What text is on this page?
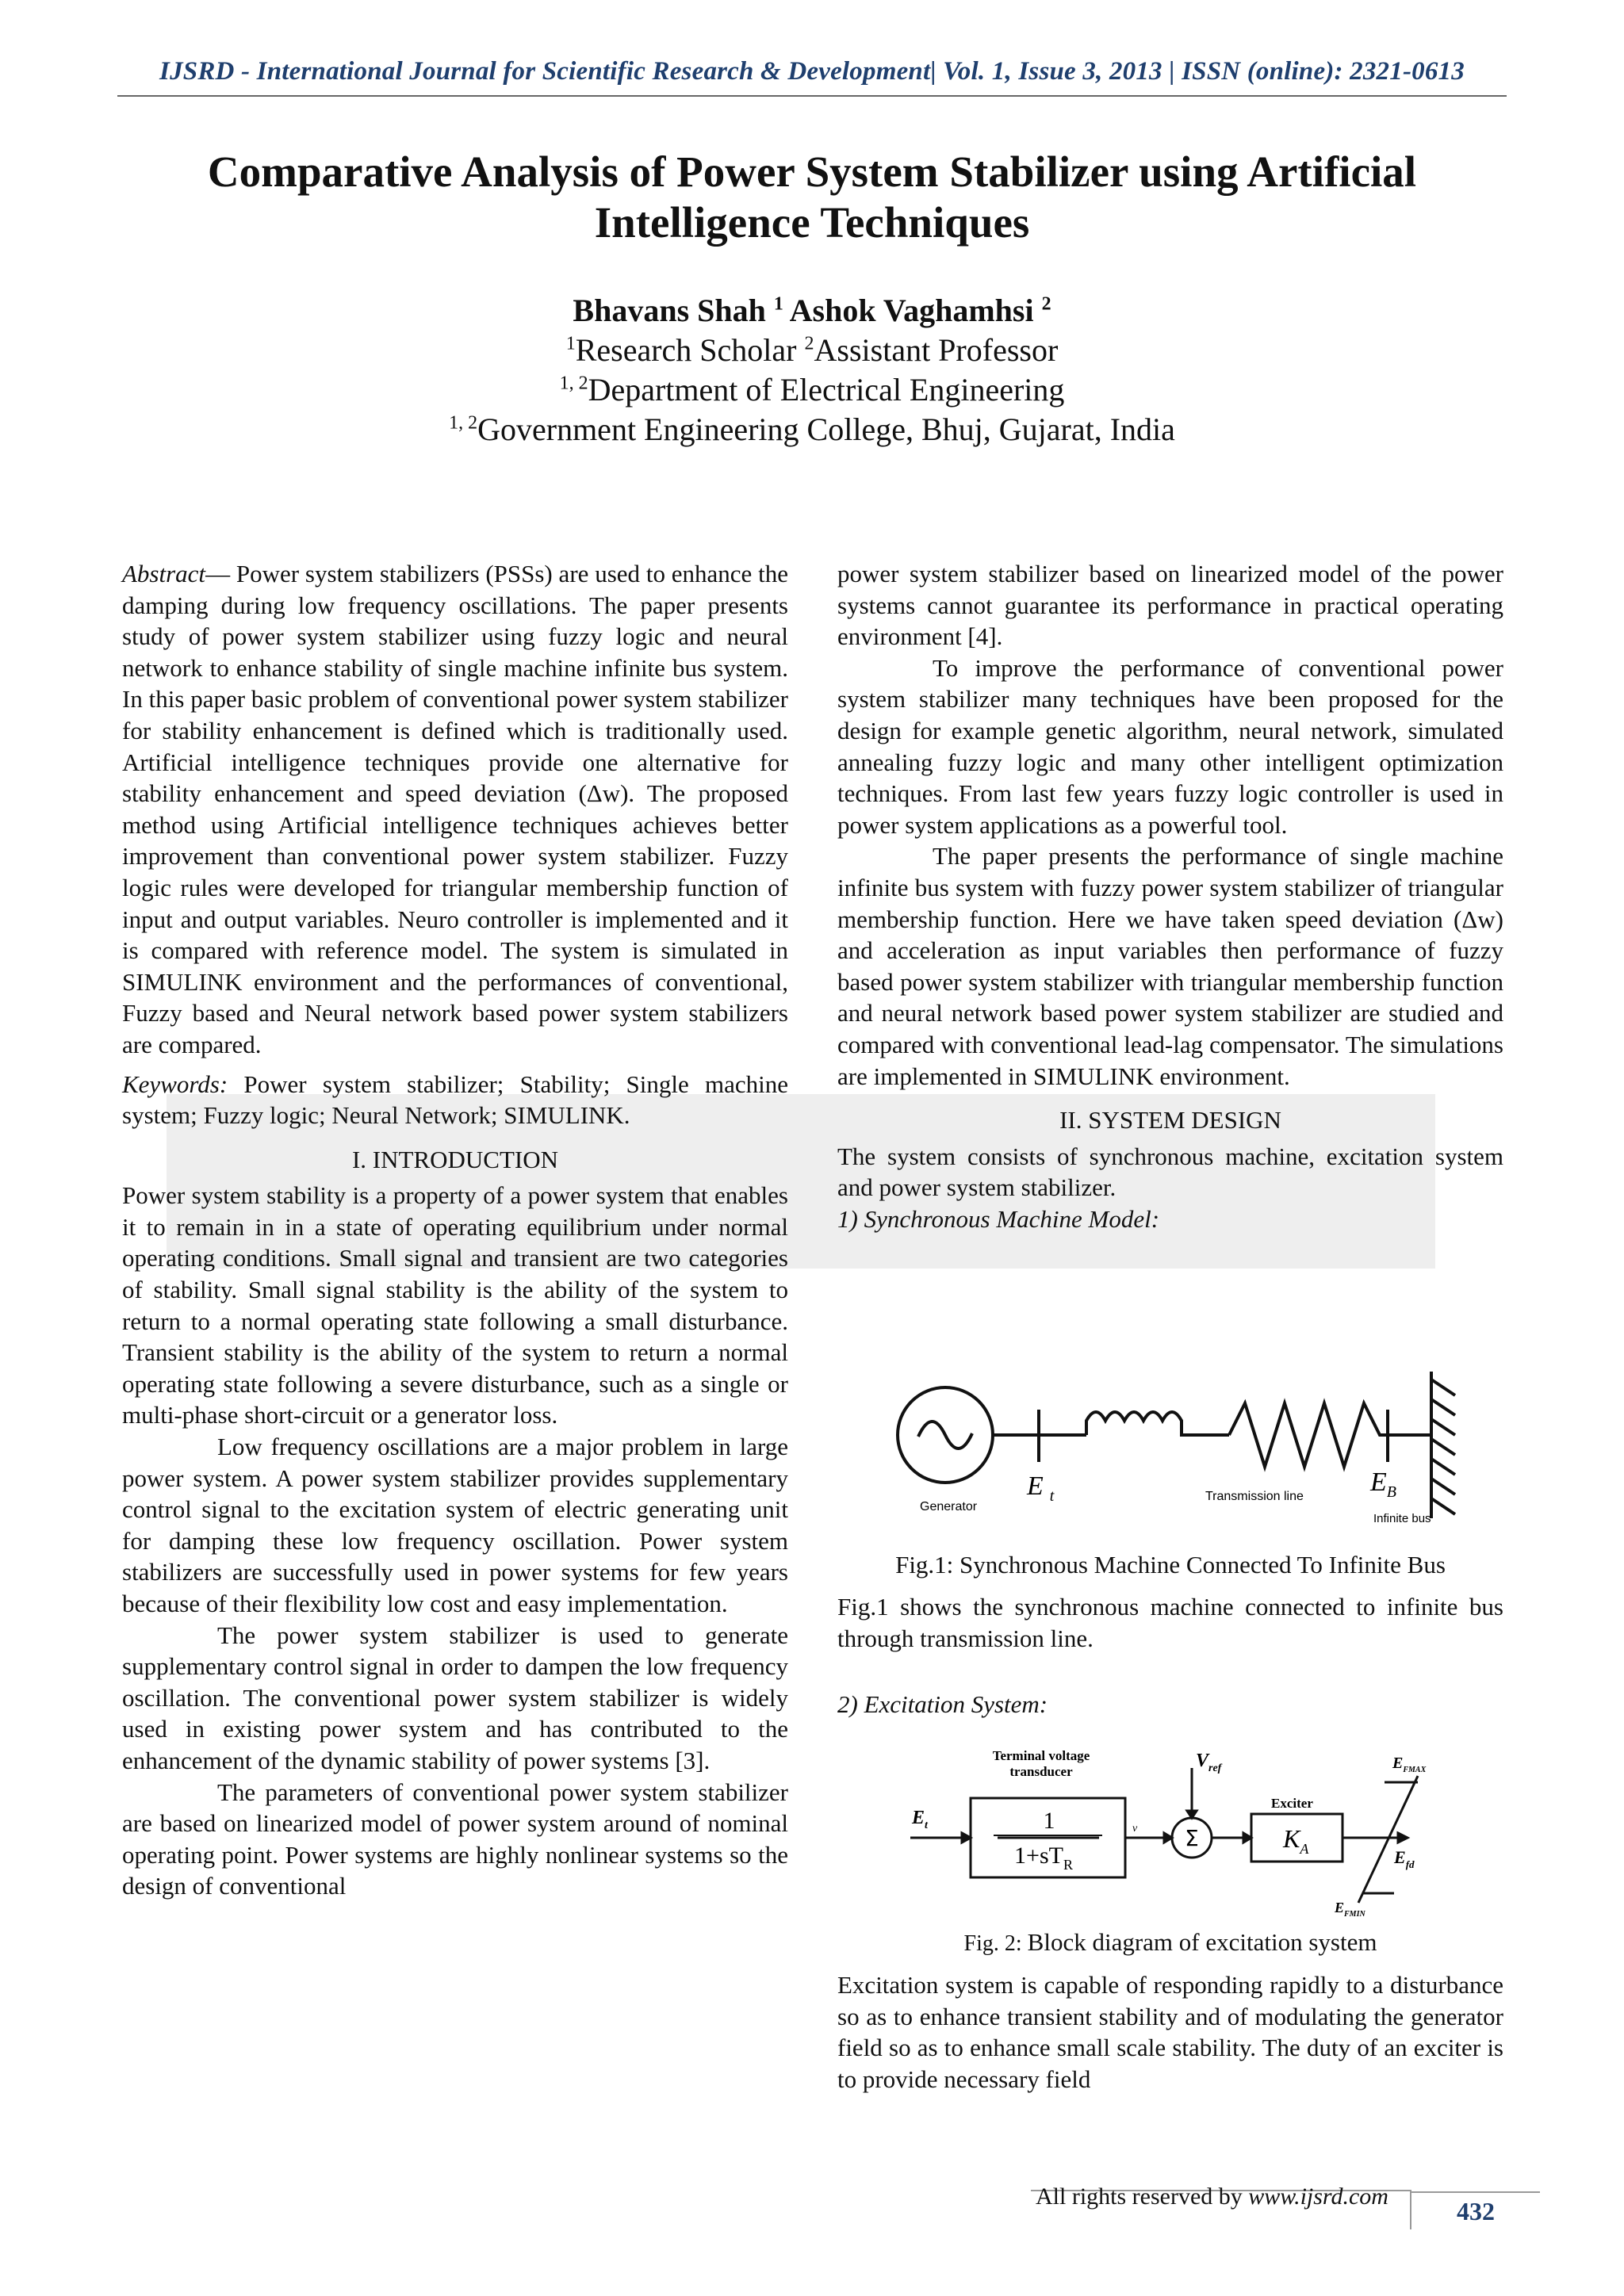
IJSRD - International Journal for Scientific Research & Development| Vol. 1, Issue 3, 2013 | ISSN (online): 2321-0613
Comparative Analysis of Power System Stabilizer using Artificial Intelligence Techniques
Bhavans Shah $^1$ Ashok Vaghamhsi $^2$
$^1$Research Scholar $^2$Assistant Professor
$^{1, 2}$Department of Electrical Engineering
$^{1, 2}$Government Engineering College, Bhuj, Gujarat, India

Abstract— Power system stabilizers (PSSs) are used to enhance the damping during low frequency oscillations. The paper presents study of power system stabilizer using fuzzy logic and neural network to enhance stability of single machine infinite bus system. In this paper basic problem of conventional power system stabilizer for stability enhancement is defined which is traditionally used. Artificial intelligence techniques provide one alternative for stability enhancement and speed deviation (Δw). The proposed method using Artificial intelligence techniques achieves better improvement than conventional power system stabilizer. Fuzzy logic rules were developed for triangular membership function of input and output variables. Neuro controller is implemented and it is compared with reference model. The system is simulated in SIMULINK environment and the performances of conventional, Fuzzy based and Neural network based power system stabilizers are compared.

Keywords: Power system stabilizer; Stability; Single machine system; Fuzzy logic; Neural Network; SIMULINK.

I. INTRODUCTION

Power system stability is a property of a power system that enables it to remain in in a state of operating equilibrium under normal operating conditions. Small signal and transient are two categories of stability. Small signal stability is the ability of the system to return to a normal operating state following a small disturbance. Transient stability is the ability of the system to return a normal operating state following a severe disturbance, such as a single or multi-phase short-circuit or a generator loss.

Low frequency oscillations are a major problem in large power system. A power system stabilizer provides supplementary control signal to the excitation system of electric generating unit for damping these low frequency oscillation. Power system stabilizers are successfully used in power systems for few years because of their flexibility low cost and easy implementation.

The power system stabilizer is used to generate supplementary control signal in order to dampen the low frequency oscillation. The conventional power system stabilizer is widely used in existing power system and has contributed to the enhancement of the dynamic stability of power systems [3].

The parameters of conventional power system stabilizer are based on linearized model of power system around of nominal operating point. Power systems are highly nonlinear systems so the design of conventional

power system stabilizer based on linearized model of the power systems cannot guarantee its performance in practical operating environment [4].

To improve the performance of conventional power system stabilizer many techniques have been proposed for the design for example genetic algorithm, neural network, simulated annealing fuzzy logic and many other intelligent optimization techniques. From last few years fuzzy logic controller is used in power system applications as a powerful tool.

The paper presents the performance of single machine infinite bus system with fuzzy power system stabilizer of triangular membership function. Here we have taken speed deviation (Δw) and acceleration as input variables then performance of fuzzy based power system stabilizer with triangular membership function and neural network based power system stabilizer are studied and compared with conventional lead-lag compensator. The simulations are implemented in SIMULINK environment.

II. SYSTEM DESIGN

The system consists of synchronous machine, excitation system and power system stabilizer.

1) Synchronous Machine Model:

Generator
E $_t$	Transmission line $E_B$
Infinite bus
Fig.1: Synchronous Machine Connected To Infinite Bus

Fig.1 shows the synchronous machine connected to infinite bus through transmission line.

2) Excitation System:

Terminal voltage
transducer
1
$1+sT_R$
$E_t$
$V_{ref}$
v Σ
Exciter
$K_A$
$E_{FMAX}$
$E_{fd}$
$E_{FMIN}$
Fig. 2: Block diagram of excitation system

Excitation system is capable of responding rapidly to a disturbance so as to enhance transient stability and of modulating the generator field so as to enhance small scale stability. The duty of an exciter is to provide necessary field

All rights reserved by www.ijsrd.com
432
